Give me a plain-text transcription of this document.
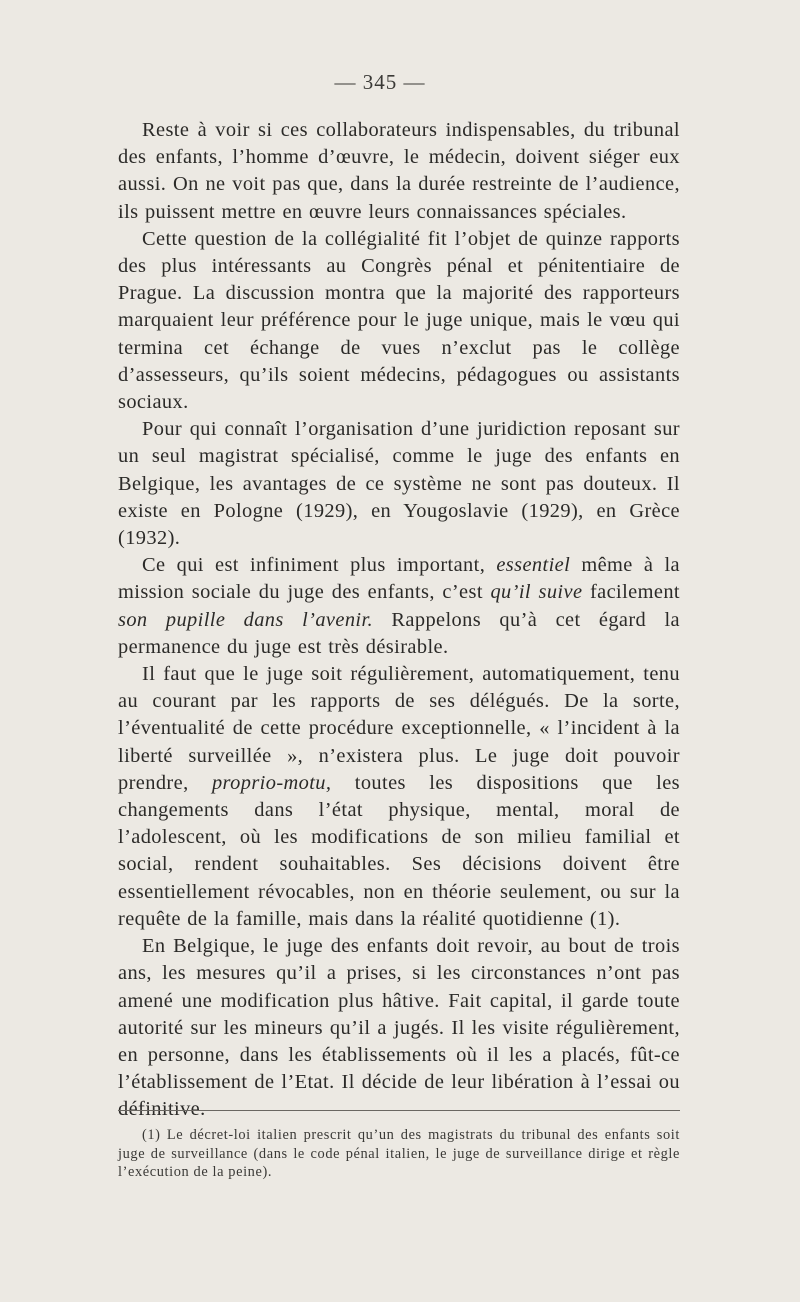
— 345 —

Reste à voir si ces collaborateurs indispensables, du tribunal des enfants, l’homme d’œuvre, le médecin, doivent siéger eux aussi. On ne voit pas que, dans la durée restreinte de l’audience, ils puissent mettre en œuvre leurs connaissances spéciales.

Cette question de la collégialité fit l’objet de quinze rapports des plus intéressants au Congrès pénal et pénitentiaire de Prague. La discussion montra que la majorité des rapporteurs marquaient leur préférence pour le juge unique, mais le vœu qui termina cet échange de vues n’exclut pas le collège d’assesseurs, qu’ils soient médecins, pédagogues ou assistants sociaux.

Pour qui connaît l’organisation d’une juridiction reposant sur un seul magistrat spécialisé, comme le juge des enfants en Belgique, les avantages de ce système ne sont pas douteux. Il existe en Pologne (1929), en Yougoslavie (1929), en Grèce (1932).

Ce qui est infiniment plus important, essentiel même à la mission sociale du juge des enfants, c’est qu’il suive facilement son pupille dans l’avenir. Rappelons qu’à cet égard la permanence du juge est très désirable.

Il faut que le juge soit régulièrement, automatiquement, tenu au courant par les rapports de ses délégués. De la sorte, l’éventualité de cette procédure exceptionnelle, « l’incident à la liberté surveillée », n’existera plus. Le juge doit pouvoir prendre, proprio-motu, toutes les dispositions que les changements dans l’état physique, mental, moral de l’adolescent, où les modifications de son milieu familial et social, rendent souhaitables. Ses décisions doivent être essentiellement révocables, non en théorie seulement, ou sur la requête de la famille, mais dans la réalité quotidienne (1).

En Belgique, le juge des enfants doit revoir, au bout de trois ans, les mesures qu’il a prises, si les circonstances n’ont pas amené une modification plus hâtive. Fait capital, il garde toute autorité sur les mineurs qu’il a jugés. Il les visite régulièrement, en personne, dans les établissements où il les a placés, fût-ce l’établissement de l’Etat. Il décide de leur libération à l’essai ou définitive.

(1) Le décret-loi italien prescrit qu’un des magistrats du tribunal des enfants soit juge de surveillance (dans le code pénal italien, le juge de surveillance dirige et règle l’exécution de la peine).
